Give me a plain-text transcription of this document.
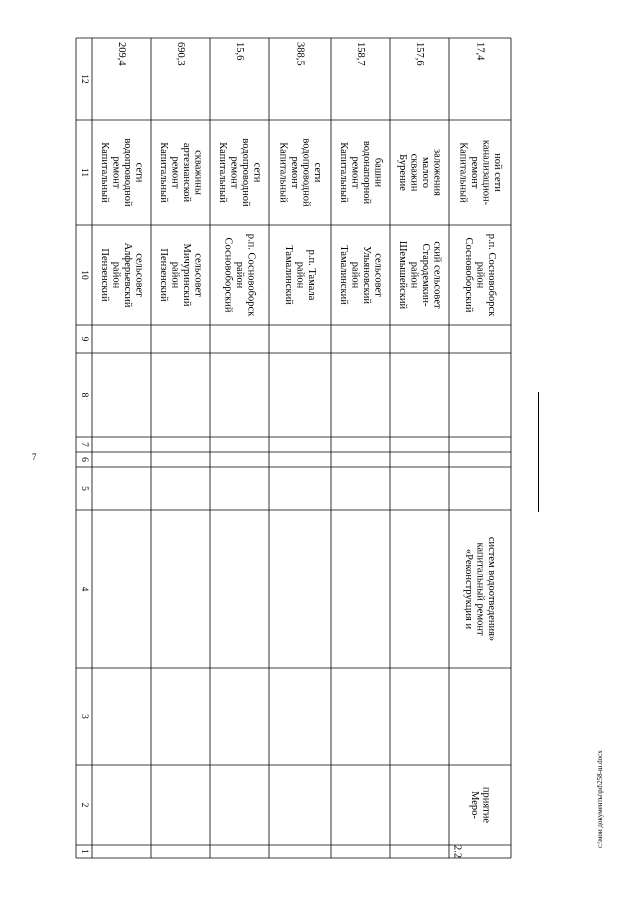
7
c:\мои документы\pd\258-ш.docx
1
2
3
4
5
6
7
8
9
10
11
12
Пензенский район Алферьевский сельсовет
Капитальный ремонт водопроводной сети
209,4
Пензенский район Мичуринский сельсовет
Капитальный ремонт артезианской скважины
690,3
Сосновоборский район р.п. Сосновоборск
Капитальный ремонт водопроводной сети
15,6
Тамалинский район р.п. Тамала
Капитальный ремонт водопроводной сети
388,5
Тамалинский район Ульяновский сельсовет
Капитальный ремонт водонапорной башни
158,7
Шемышейский район Стародемкин- ский сельсовет
Бурение скважин малого заложения
157,6
2.2
Меро- приятие
«Реконструкция и капитальный ремонт систем водоотведения»
Сосновоборский район р.п. Сосновоборск
Капитальный ремонт канализацион- ной сети
17,4
